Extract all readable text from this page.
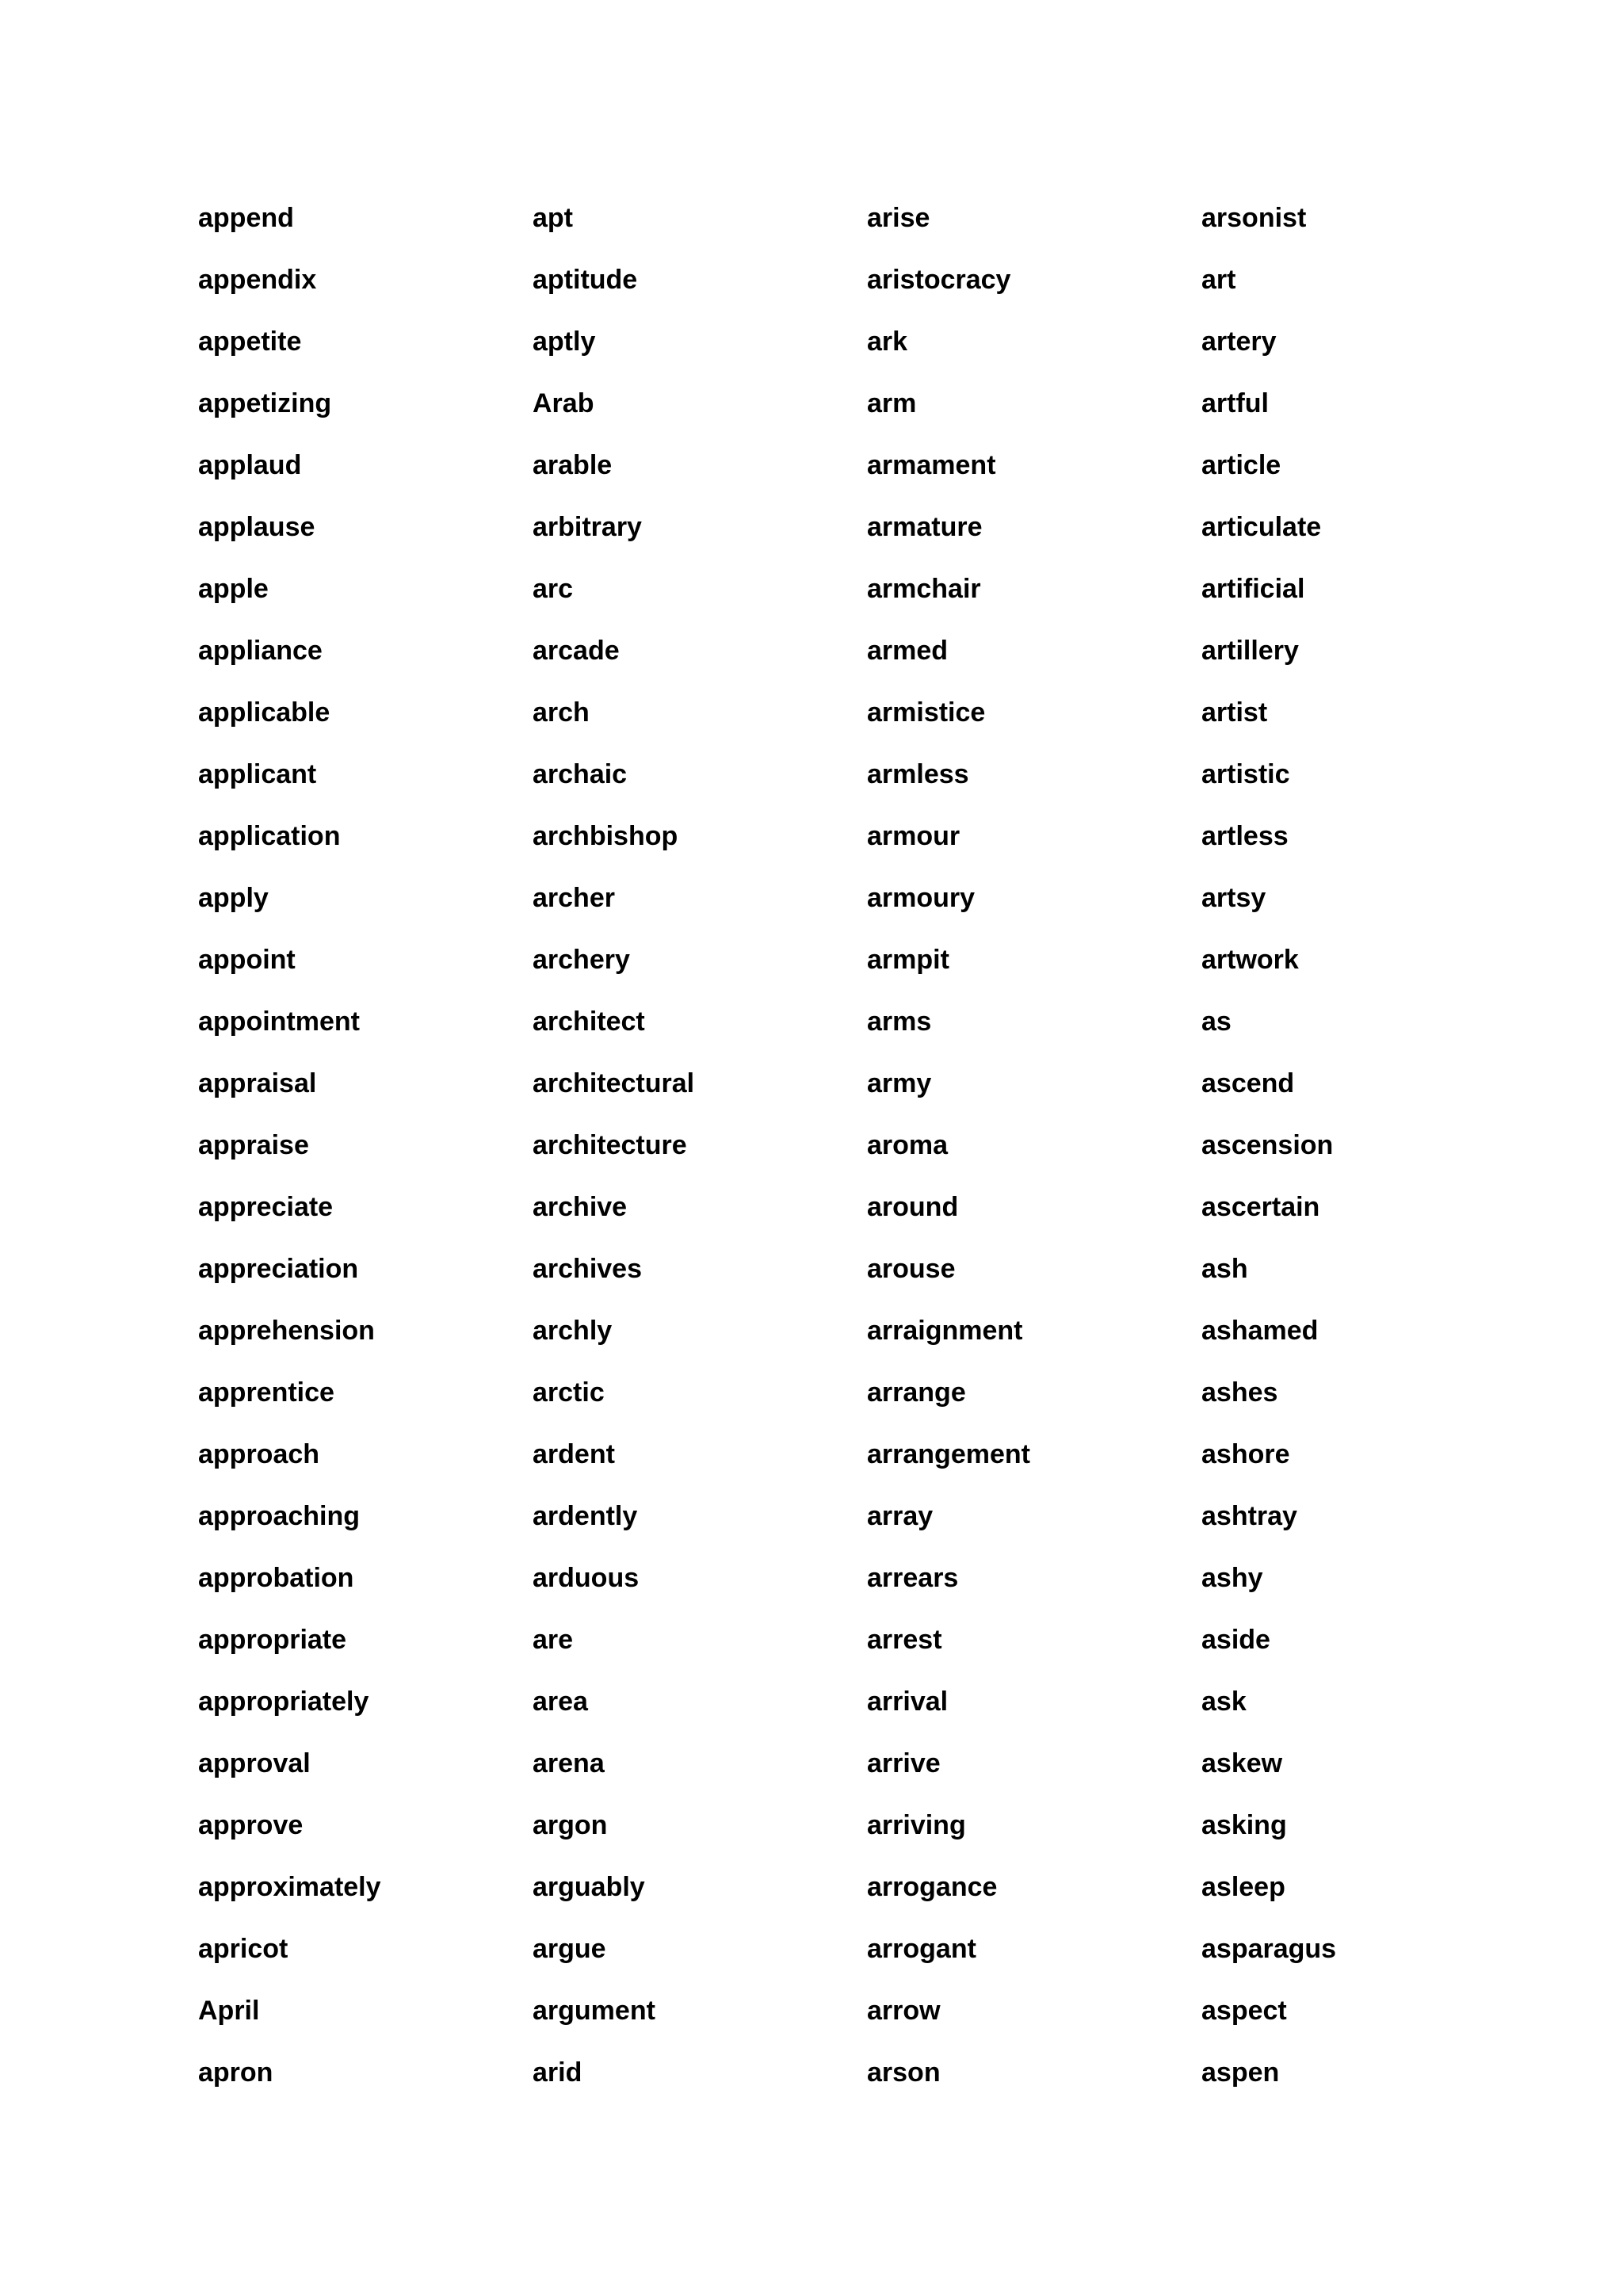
append	apt	arise	arsonist
appendix	aptitude	aristocracy	art
appetite	aptly	ark	artery
appetizing	Arab	arm	artful
applaud	arable	armament	article
applause	arbitrary	armature	articulate
apple	arc	armchair	artificial
appliance	arcade	armed	artillery
applicable	arch	armistice	artist
applicant	archaic	armless	artistic
application	archbishop	armour	artless
apply	archer	armoury	artsy
appoint	archery	armpit	artwork
appointment	architect	arms	as
appraisal	architectural	army	ascend
appraise	architecture	aroma	ascension
appreciate	archive	around	ascertain
appreciation	archives	arouse	ash
apprehension	archly	arraignment	ashamed
apprentice	arctic	arrange	ashes
approach	ardent	arrangement	ashore
approaching	ardently	array	ashtray
approbation	arduous	arrears	ashy
appropriate	are	arrest	aside
appropriately	area	arrival	ask
approval	arena	arrive	askew
approve	argon	arriving	asking
approximately	arguably	arrogance	asleep
apricot	argue	arrogant	asparagus
April	argument	arrow	aspect
apron	arid	arson	aspen
